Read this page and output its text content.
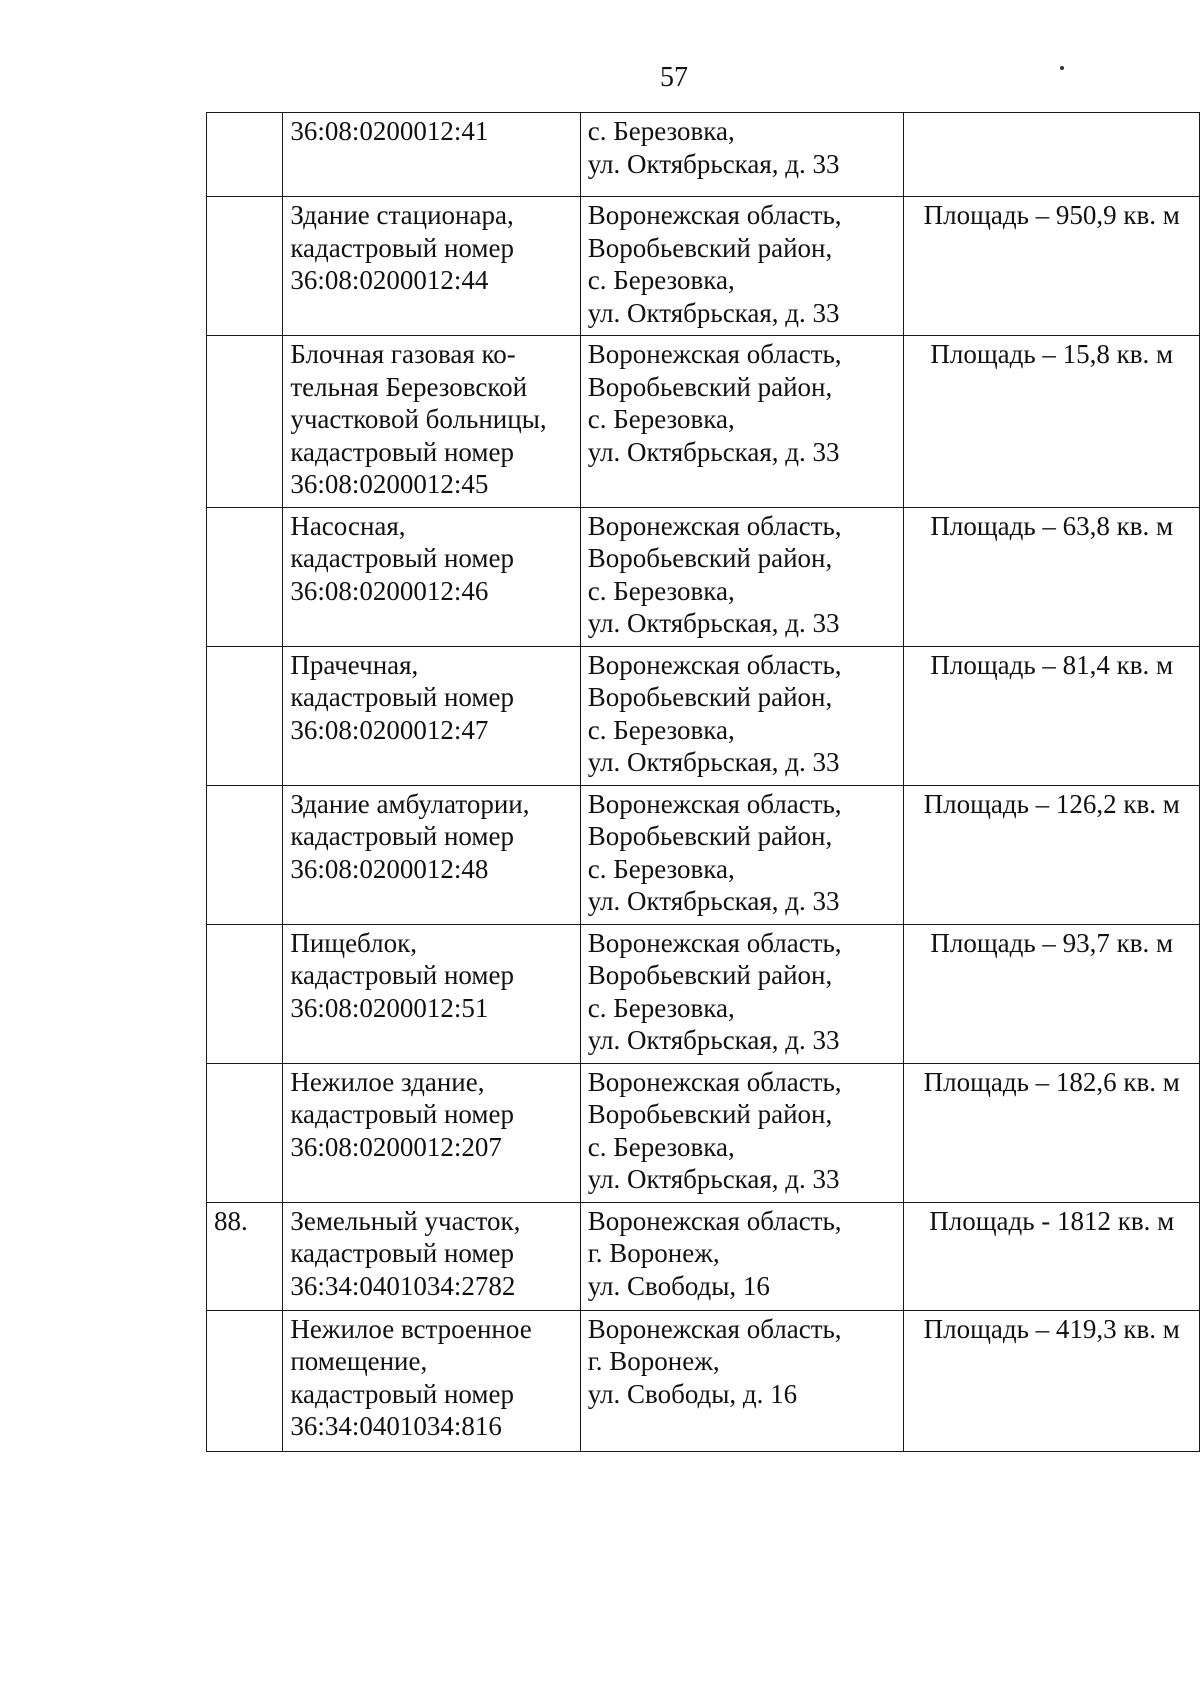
57

	36:08:0200012:41	с. Березовка,
ул. Октябрьская, д. 33	

	Здание стационара,
кадастровый номер
36:08:0200012:44	Воронежская область,
Воробьевский район,
с. Березовка,
ул. Октябрьская, д. 33	Площадь – 950,9 кв. м

	Блочная газовая ко-
тельная Березовской
участковой больницы,
кадастровый номер
36:08:0200012:45	Воронежская область,
Воробьевский район,
с. Березовка,
ул. Октябрьская, д. 33	Площадь – 15,8 кв. м

	Насосная,
кадастровый номер
36:08:0200012:46	Воронежская область,
Воробьевский район,
с. Березовка,
ул. Октябрьская, д. 33	Площадь – 63,8 кв. м

	Прачечная,
кадастровый номер
36:08:0200012:47	Воронежская область,
Воробьевский район,
с. Березовка,
ул. Октябрьская, д. 33	Площадь – 81,4 кв. м

	Здание амбулатории,
кадастровый номер
36:08:0200012:48	Воронежская область,
Воробьевский район,
с. Березовка,
ул. Октябрьская, д. 33	Площадь – 126,2 кв. м

	Пищеблок,
кадастровый номер
36:08:0200012:51	Воронежская область,
Воробьевский район,
с. Березовка,
ул. Октябрьская, д. 33	Площадь – 93,7 кв. м

	Нежилое здание,
кадастровый номер
36:08:0200012:207	Воронежская область,
Воробьевский район,
с. Березовка,
ул. Октябрьская, д. 33	Площадь – 182,6 кв. м

88.	Земельный участок,
кадастровый номер
36:34:0401034:2782	Воронежская область,
г. Воронеж,
ул. Свободы, 16	Площадь - 1812 кв. м

	Нежилое встроенное
помещение,
кадастровый номер
36:34:0401034:816	Воронежская область,
г. Воронеж,
ул. Свободы, д. 16	Площадь – 419,3 кв. м
